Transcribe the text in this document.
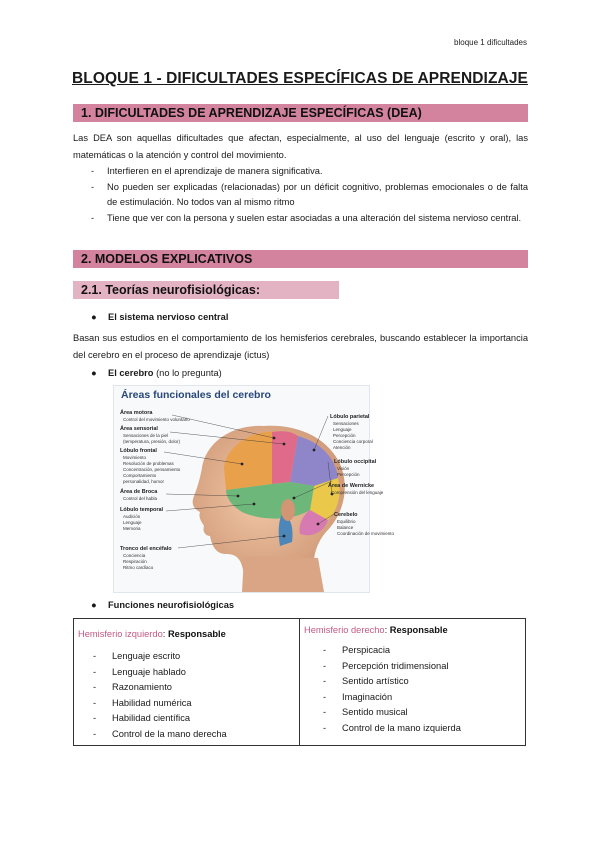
bloque 1 dificultades
BLOQUE 1 - DIFICULTADES ESPECÍFICAS DE APRENDIZAJE
1. DIFICULTADES DE APRENDIZAJE ESPECÍFICAS (DEA)

Las DEA son aquellas dificultades que afectan, especialmente, al uso del lenguaje (escrito y oral), las matemáticas o la atención y control del movimiento.

- Interfieren en el aprendizaje de manera significativa.
- No pueden ser explicadas (relacionadas) por un déficit cognitivo, problemas emocionales o de falta de estimulación. No todos van al mismo ritmo
- Tiene que ver con la persona y suelen estar asociadas a una alteración del sistema nervioso central.
2. MODELOS EXPLICATIVOS
2.1. Teorías neurofisiológicas:
● El sistema nervioso central

Basan sus estudios en el comportamiento de los hemisferios cerebrales, buscando establecer la importancia del cerebro en el proceso de aprendizaje (ictus)

● El cerebro (no lo pregunta)
Áreas funcionales del cerebro
Área motora
Control del movimiento voluntario
Área sensorial
Sensaciones de la piel
(temperatura, presión, dolor)
Lóbulo frontal
Movimiento
Resolución de problemas
Concentración, pensamiento
Comportamiento
personalidad, humor
Área de Broca
Control del habla
Lóbulo temporal
Audición
Lenguaje
Memoria
Tronco del encéfalo
Conciencia
Respiración
Ritmo cardíaco
Lóbulo parietal
Sensaciones
Lenguaje
Percepción
Conciencia corporal
Atención
Lóbulo occipital
Visión
Percepción
Área de Wernicke
Comprensión del lenguaje
Cerebelo
Equilibrio
Balance
Coordinación de movimiento
● Funciones neurofisiológicas
Hemisferio izquierdo: Responsable
- Lenguaje escrito
- Lenguaje hablado
- Razonamiento
- Habilidad numérica
- Habilidad científica
- Control de la mano derecha
Hemisferio derecho: Responsable
- Perspicacia
- Percepción tridimensional
- Sentido artístico
- Imaginación
- Sentido musical
- Control de la mano izquierda
